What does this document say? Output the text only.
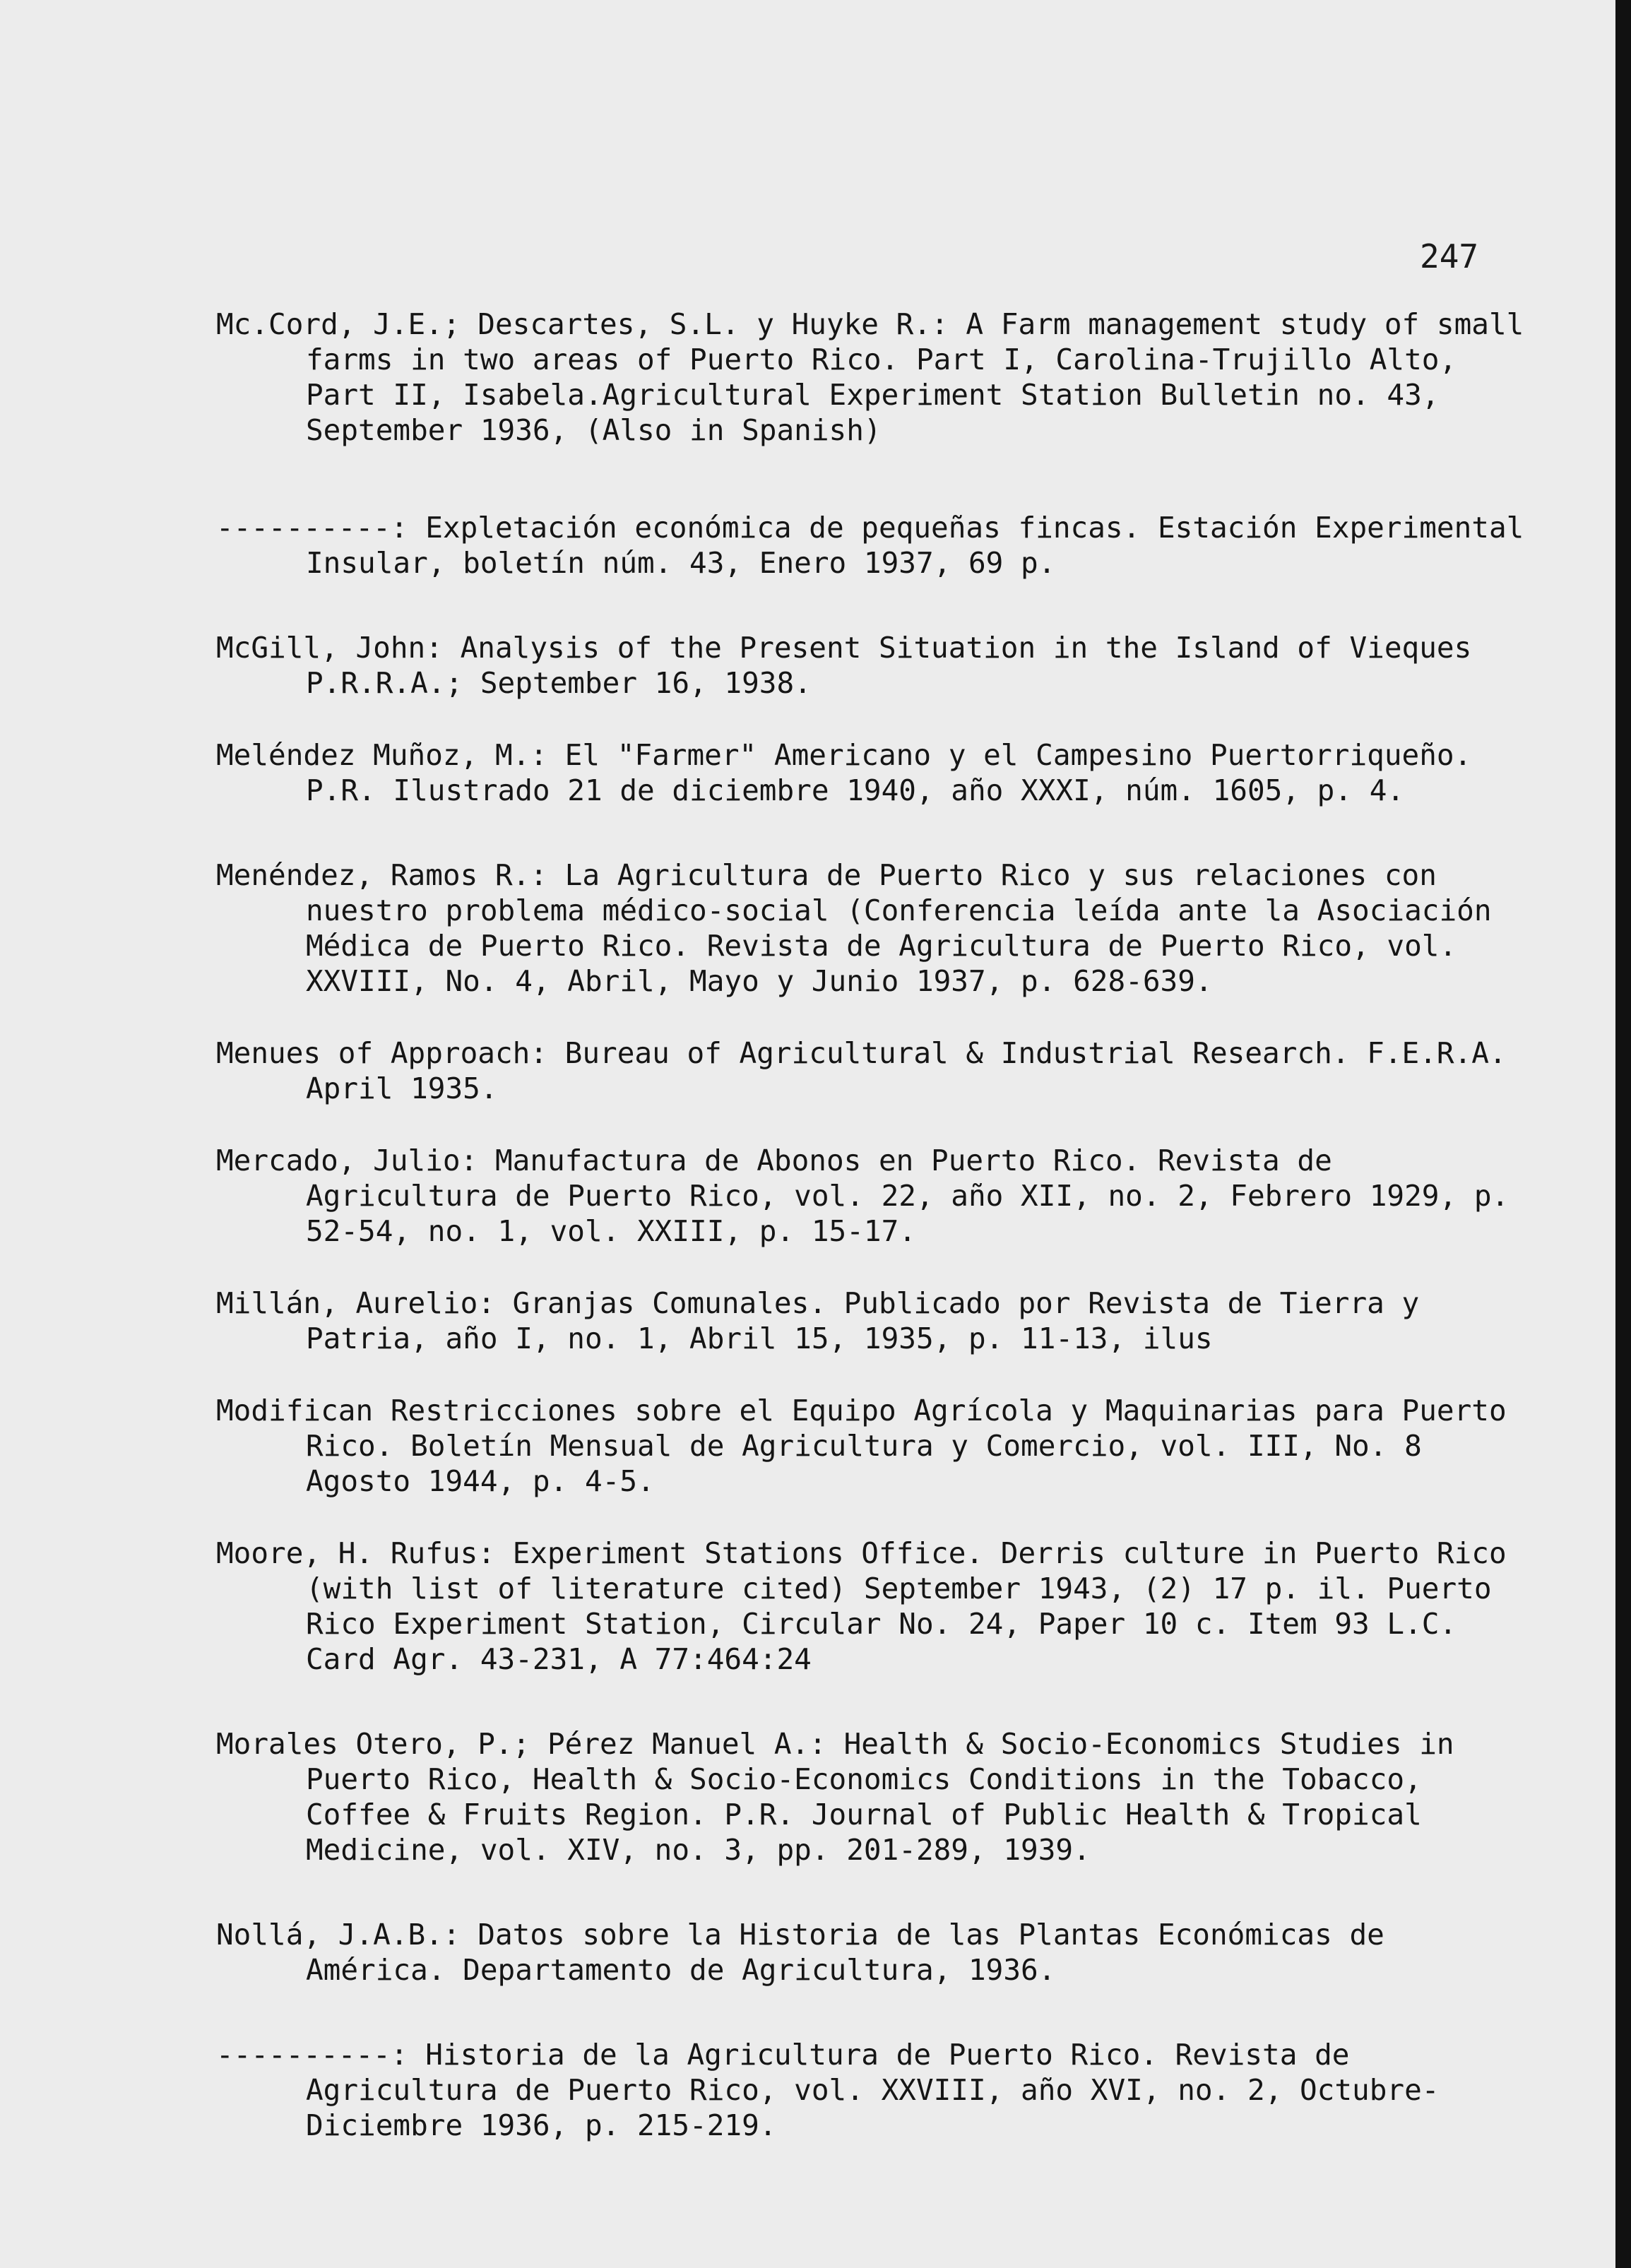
247

Mc.Cord, J.E.; Descartes, S.L. y Huyke R.: A Farm management study of small farms in two areas of Puerto Rico. Part I, Carolina-Trujillo Alto, Part II, Isabela.Agricultural Experiment Station Bulletin no. 43, September 1936, (Also in Spanish)

----------: Expletación económica de pequeñas fincas. Estación Experimental Insular, boletín núm. 43, Enero 1937, 69 p.

McGill, John: Analysis of the Present Situation in the Island of Vieques P.R.R.A.; September 16, 1938.

Meléndez Muñoz, M.: El "Farmer" Americano y el Campesino Puertorriqueño. P.R. Ilustrado 21 de diciembre 1940, año XXXI, núm. 1605, p. 4.

Menéndez, Ramos R.: La Agricultura de Puerto Rico y sus relaciones con nuestro problema médico-social (Conferencia leída ante la Asociación Médica de Puerto Rico. Revista de Agricultura de Puerto Rico, vol. XXVIII, No. 4, Abril, Mayo y Junio 1937, p. 628-639.

Menues of Approach: Bureau of Agricultural & Industrial Research. F.E.R.A. April 1935.

Mercado, Julio: Manufactura de Abonos en Puerto Rico. Revista de Agricultura de Puerto Rico, vol. 22, año XII, no. 2, Febrero 1929, p. 52-54, no. 1, vol. XXIII, p. 15-17.

Millán, Aurelio: Granjas Comunales. Publicado por Revista de Tierra y Patria, año I, no. 1, Abril 15, 1935, p. 11-13, ilus

Modifican Restricciones sobre el Equipo Agrícola y Maquinarias para Puerto Rico. Boletín Mensual de Agricultura y Comercio, vol. III, No. 8 Agosto 1944, p. 4-5.

Moore, H. Rufus: Experiment Stations Office. Derris culture in Puerto Rico (with list of literature cited) September 1943, (2) 17 p. il. Puerto Rico Experiment Station, Circular No. 24, Paper 10 c. Item 93 L.C. Card Agr. 43-231, A 77:464:24

Morales Otero, P.; Pérez Manuel A.: Health & Socio-Economics Studies in Puerto Rico, Health & Socio-Economics Conditions in the Tobacco, Coffee & Fruits Region. P.R. Journal of Public Health & Tropical Medicine, vol. XIV, no. 3, pp. 201-289, 1939.

Nollá, J.A.B.: Datos sobre la Historia de las Plantas Económicas de América. Departamento de Agricultura, 1936.

----------: Historia de la Agricultura de Puerto Rico. Revista de Agricultura de Puerto Rico, vol. XXVIII, año XVI, no. 2, Octubre-Diciembre 1936, p. 215-219.
